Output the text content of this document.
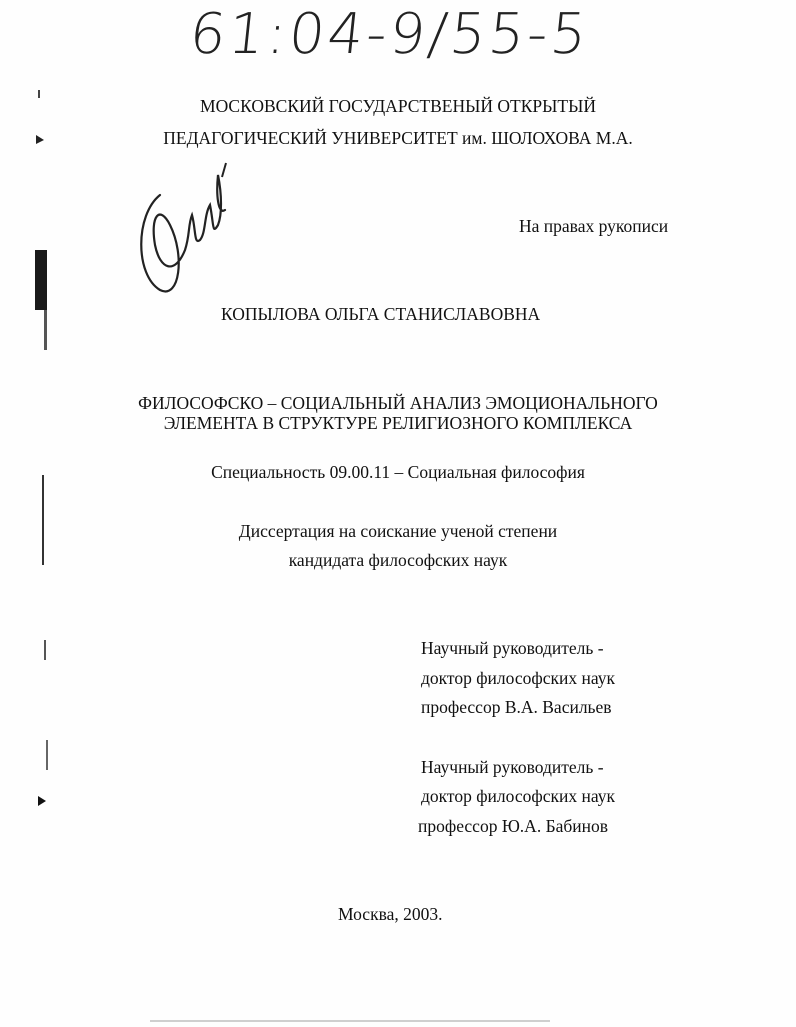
61:04-9/55-5
МОСКОВСКИЙ ГОСУДАРСТВЕНЫЙ ОТКРЫТЫЙ
ПЕДАГОГИЧЕСКИЙ УНИВЕРСИТЕТ им. ШОЛОХОВА М.А.
На правах рукописи
КОПЫЛОВА ОЛЬГА СТАНИСЛАВОВНА
ФИЛОСОФСКО – СОЦИАЛЬНЫЙ АНАЛИЗ ЭМОЦИОНАЛЬНОГО
ЭЛЕМЕНТА В СТРУКТУРЕ РЕЛИГИОЗНОГО КОМПЛЕКСА
Специальность 09.00.11 – Социальная философия
Диссертация на соискание ученой степени
кандидата философских наук
Научный руководитель -
доктор философских наук
профессор В.А. Васильев
Научный руководитель -
доктор философских наук
профессор Ю.А. Бабинов
Москва, 2003.
